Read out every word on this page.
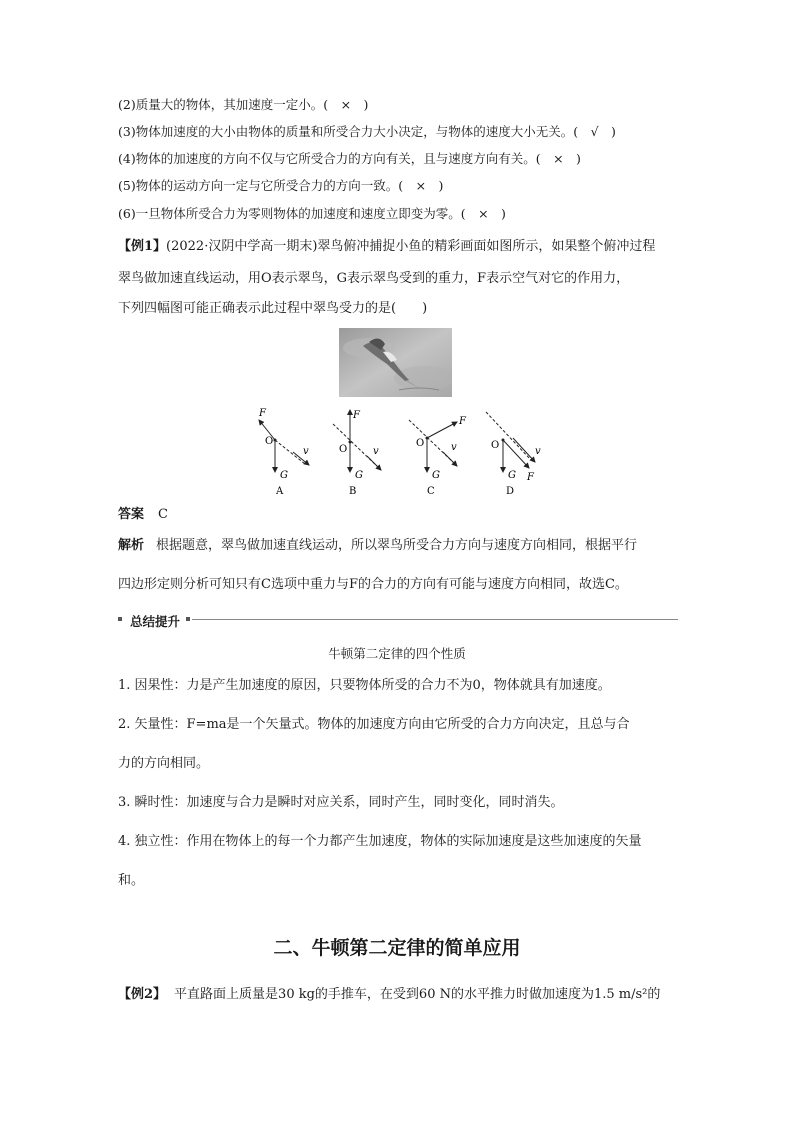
(2)质量大的物体，其加速度一定小。(　×　)
(3)物体加速度的大小由物体的质量和所受合力大小决定，与物体的速度大小无关。(　√　)
(4)物体的加速度的方向不仅与它所受合力的方向有关，且与速度方向有关。(　×　)
(5)物体的运动方向一定与它所受合力的方向一致。(　×　)
(6)一旦物体所受合力为零则物体的加速度和速度立即变为零。(　×　)
【例1】(2022·汉阴中学高一期末)翠鸟俯冲捕捉小鱼的精彩画面如图所示，如果整个俯冲过程
翠鸟做加速直线运动，用O表示翠鸟，G表示翠鸟受到的重力，F表示空气对它的作用力，
下列四幅图可能正确表示此过程中翠鸟受力的是(　　)
F
O
v
G
A
F
O	v
G
B
F
O	v
G
C
O
v
F
G
D
答案 C
解析 根据题意，翠鸟做加速直线运动，所以翠鸟所受合力方向与速度方向相同，根据平行
四边形定则分析可知只有C选项中重力与F的合力的方向有可能与速度方向相同，故选C。
总结提升
牛顿第二定律的四个性质
1. 因果性：力是产生加速度的原因，只要物体所受的合力不为0，物体就具有加速度。
2. 矢量性：F=ma是一个矢量式。物体的加速度方向由它所受的合力方向决定，且总与合
力的方向相同。
3. 瞬时性：加速度与合力是瞬时对应关系，同时产生，同时变化，同时消失。
4. 独立性：作用在物体上的每一个力都产生加速度，物体的实际加速度是这些加速度的矢量
和。
二、牛顿第二定律的简单应用
【例2】 平直路面上质量是30 kg的手推车，在受到60 N的水平推力时做加速度为1.5 m/s²的
